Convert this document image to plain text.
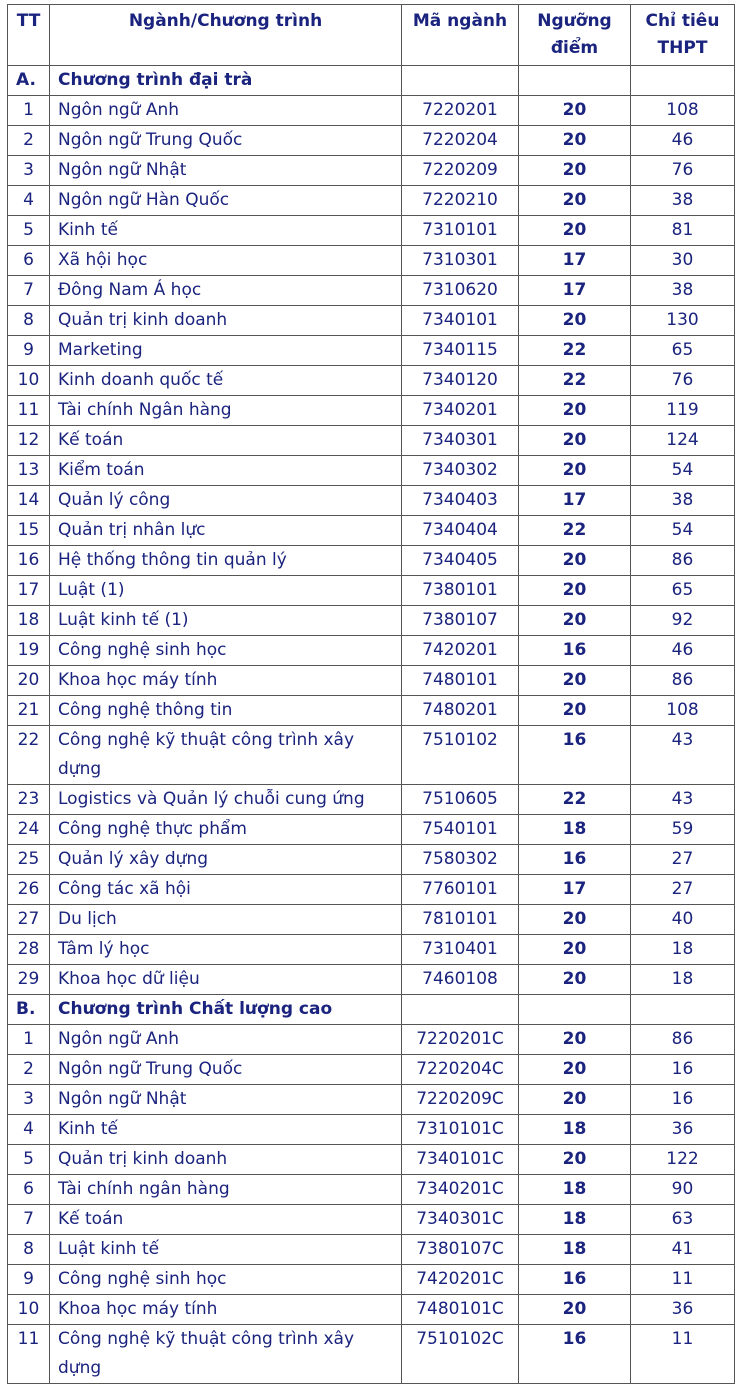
TT	Ngành/Chương trình	Mã ngành	Ngưỡng điểm	Chỉ tiêu THPT
A.	Chương trình đại trà			
1	Ngôn ngữ Anh	7220201	20	108
2	Ngôn ngữ Trung Quốc	7220204	20	46
3	Ngôn ngữ Nhật	7220209	20	76
4	Ngôn ngữ Hàn Quốc	7220210	20	38
5	Kinh tế	7310101	20	81
6	Xã hội học	7310301	17	30
7	Đông Nam Á học	7310620	17	38
8	Quản trị kinh doanh	7340101	20	130
9	Marketing	7340115	22	65
10	Kinh doanh quốc tế	7340120	22	76
11	Tài chính Ngân hàng	7340201	20	119
12	Kế toán	7340301	20	124
13	Kiểm toán	7340302	20	54
14	Quản lý công	7340403	17	38
15	Quản trị nhân lực	7340404	22	54
16	Hệ thống thông tin quản lý	7340405	20	86
17	Luật (1)	7380101	20	65
18	Luật kinh tế (1)	7380107	20	92
19	Công nghệ sinh học	7420201	16	46
20	Khoa học máy tính	7480101	20	86
21	Công nghệ thông tin	7480201	20	108
22	Công nghệ kỹ thuật công trình xây dựng	7510102	16	43
23	Logistics và Quản lý chuỗi cung ứng	7510605	22	43
24	Công nghệ thực phẩm	7540101	18	59
25	Quản lý xây dựng	7580302	16	27
26	Công tác xã hội	7760101	17	27
27	Du lịch	7810101	20	40
28	Tâm lý học	7310401	20	18
29	Khoa học dữ liệu	7460108	20	18
B.	Chương trình Chất lượng cao			
1	Ngôn ngữ Anh	7220201C	20	86
2	Ngôn ngữ Trung Quốc	7220204C	20	16
3	Ngôn ngữ Nhật	7220209C	20	16
4	Kinh tế	7310101C	18	36
5	Quản trị kinh doanh	7340101C	20	122
6	Tài chính ngân hàng	7340201C	18	90
7	Kế toán	7340301C	18	63
8	Luật kinh tế	7380107C	18	41
9	Công nghệ sinh học	7420201C	16	11
10	Khoa học máy tính	7480101C	20	36
11	Công nghệ kỹ thuật công trình xây dựng	7510102C	16	11
